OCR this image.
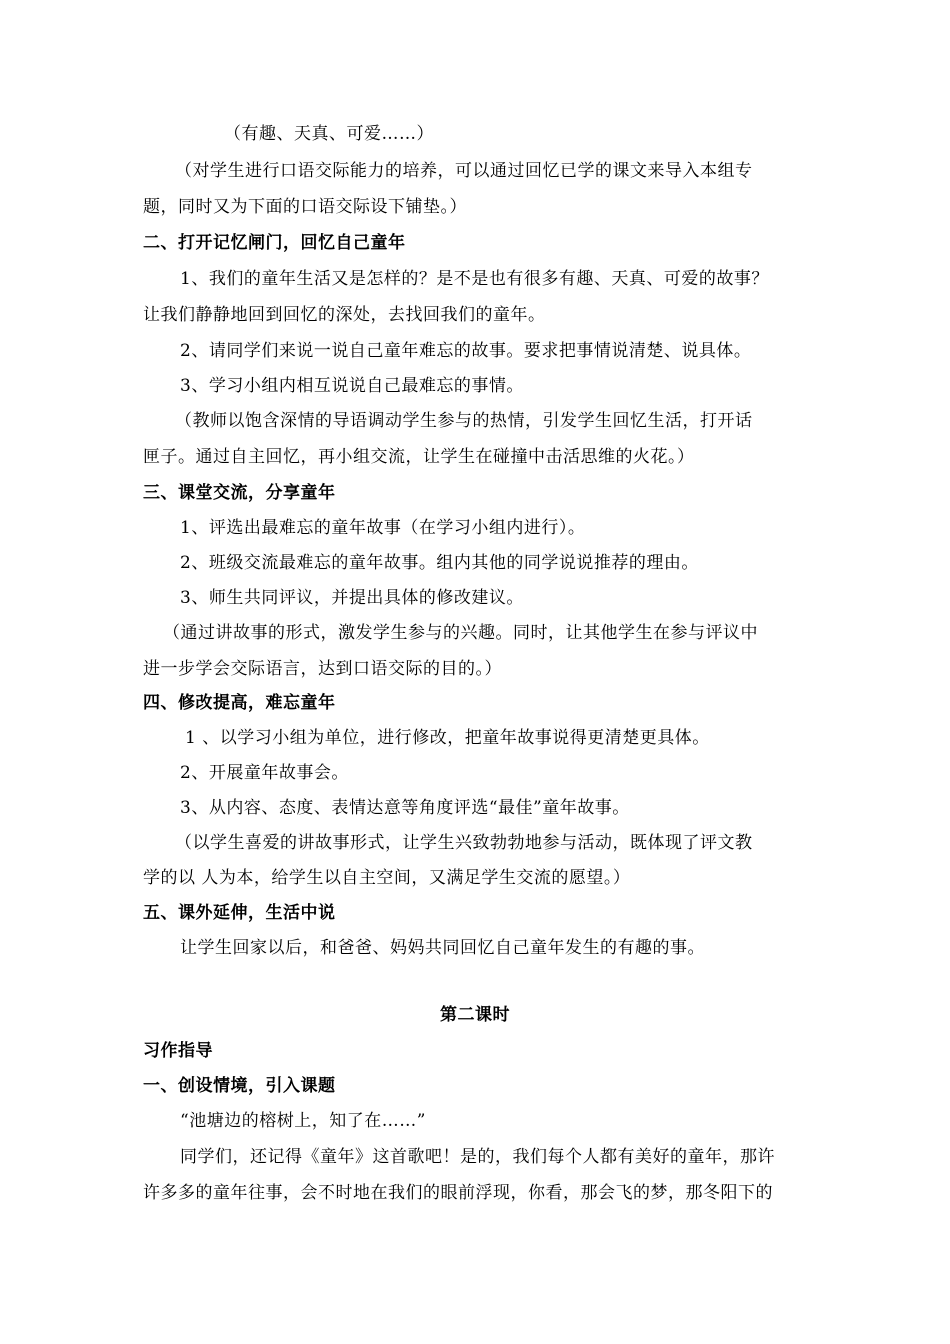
（有趣、天真、可爱……）
（对学生进行口语交际能力的培养，可以通过回忆已学的课文来导入本组专
题，同时又为下面的口语交际设下铺垫。）
二、打开记忆闸门，回忆自己童年
1、我们的童年生活又是怎样的？是不是也有很多有趣、天真、可爱的故事？
让我们静静地回到回忆的深处，去找回我们的童年。
2、请同学们来说一说自己童年难忘的故事。要求把事情说清楚、说具体。
3、学习小组内相互说说自己最难忘的事情。
（教师以饱含深情的导语调动学生参与的热情，引发学生回忆生活，打开话
匣子。通过自主回忆，再小组交流，让学生在碰撞中击活思维的火花。）
三、课堂交流，分享童年
1、评选出最难忘的童年故事（在学习小组内进行）。
2、班级交流最难忘的童年故事。组内其他的同学说说推荐的理由。
3、师生共同评议，并提出具体的修改建议。
（通过讲故事的形式，激发学生参与的兴趣。同时，让其他学生在参与评议中
进一步学会交际语言，达到口语交际的目的。）
四、修改提高，难忘童年
1 、以学习小组为单位，进行修改，把童年故事说得更清楚更具体。
2、开展童年故事会。
3、从内容、态度、表情达意等角度评选“最佳”童年故事。
（以学生喜爱的讲故事形式，让学生兴致勃勃地参与活动，既体现了评文教
学的以 人为本，给学生以自主空间，又满足学生交流的愿望。）
五、课外延伸，生活中说
让学生回家以后，和爸爸、妈妈共同回忆自己童年发生的有趣的事。
第二课时
习作指导
一、创设情境，引入课题
“池塘边的榕树上，知了在……”
同学们，还记得《童年》这首歌吧！是的，我们每个人都有美好的童年，那许
许多多的童年往事，会不时地在我们的眼前浮现，你看，那会飞的梦，那冬阳下的
